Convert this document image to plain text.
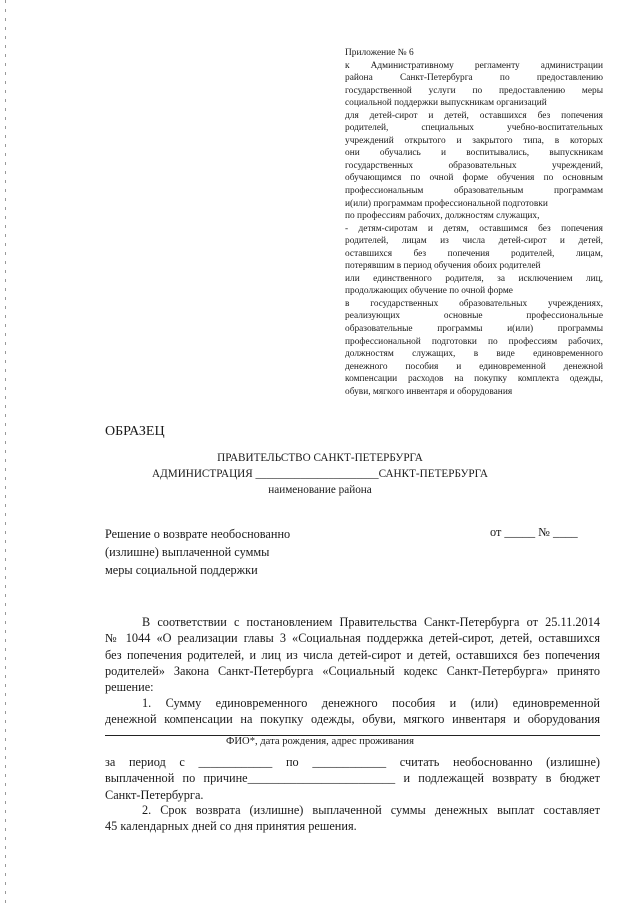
Приложение № 6
к Административному регламенту администрации
района Санкт-Петербурга по предоставлению
государственной услуги по предоставлению меры
социальной поддержки выпускникам организаций
для детей-сирот и детей, оставшихся без попечения
родителей, специальных учебно-воспитательных
учреждений открытого и закрытого типа, в которых
они обучались и воспитывались, выпускникам
государственных образовательных учреждений,
обучающимся по очной форме обучения по основным
профессиональным образовательным программам
и(или) программам профессиональной подготовки
по профессиям рабочих, должностям служащих,
- детям-сиротам и детям, оставшимся без попечения
родителей, лицам из числа детей-сирот и детей,
оставшихся без попечения родителей, лицам,
потерявшим в период обучения обоих родителей
или единственного родителя, за исключением лиц,
продолжающих обучение по очной форме
в государственных образовательных учреждениях,
реализующих основные профессиональные
образовательные программы и(или) программы
профессиональной подготовки по профессиям рабочих,
должностям служащих, в виде единовременного
денежного пособия и единовременной денежной
компенсации расходов на покупку комплекта одежды,
обуви, мягкого инвентаря и оборудования
ОБРАЗЕЦ
ПРАВИТЕЛЬСТВО САНКТ-ПЕТЕРБУРГА
АДМИНИСТРАЦИЯ ______________________САНКТ-ПЕТЕРБУРГА
наименование района
Решение о возврате необоснованно
(излишне) выплаченной суммы
меры социальной поддержки
от _____ № ____
В соответствии с постановлением Правительства Санкт-Петербурга от 25.11.2014
№ 1044 «О реализации главы 3 «Социальная поддержка детей-сирот, детей, оставшихся
без попечения родителей, и лиц из числа детей-сирот и детей, оставшихся без попечения
родителей» Закона Санкт-Петербурга «Социальный кодекс Санкт-Петербурга» принято
решение:
1. Сумму единовременного денежного пособия и (или) единовременной
денежной компенсации на покупку одежды, обуви, мягкого инвентаря и оборудования
ФИО*, дата рождения, адрес проживания
за период с ____________ по ____________ считать необоснованно (излишне)
выплаченной по причине________________________ и подлежащей возврату в бюджет
Санкт-Петербурга.
2. Срок возврата (излишне) выплаченной суммы денежных выплат составляет
45 календарных дней со дня принятия решения.
